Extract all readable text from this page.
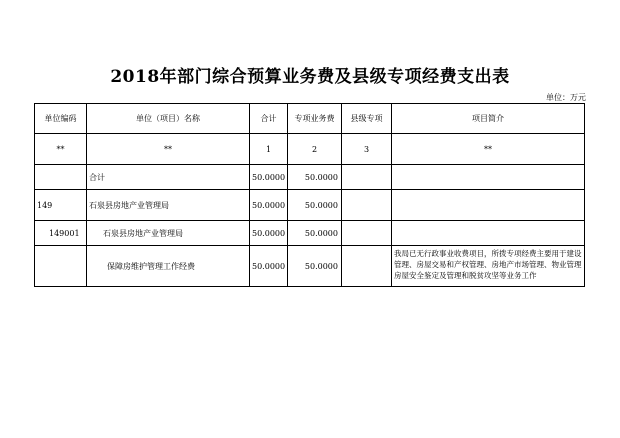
2018年部门综合预算业务费及县级专项经费支出表
单位：万元
单位编码	单位（项目）名称	合计	专项业务费	县级专项	项目简介
**	**	1	2	3	**
	合计	50.0000	50.0000		
149	石泉县房地产业管理局	50.0000	50.0000		
149001	石泉县房地产业管理局	50.0000	50.0000		
	保障房维护管理工作经费	50.0000	50.0000		我局已无行政事业收费项目，所拨专项经费主要用于建设管理、房屋交易和产权管理、房地产市场管理、物业管理房屋安全鉴定及管理和脱贫攻坚等业务工作
